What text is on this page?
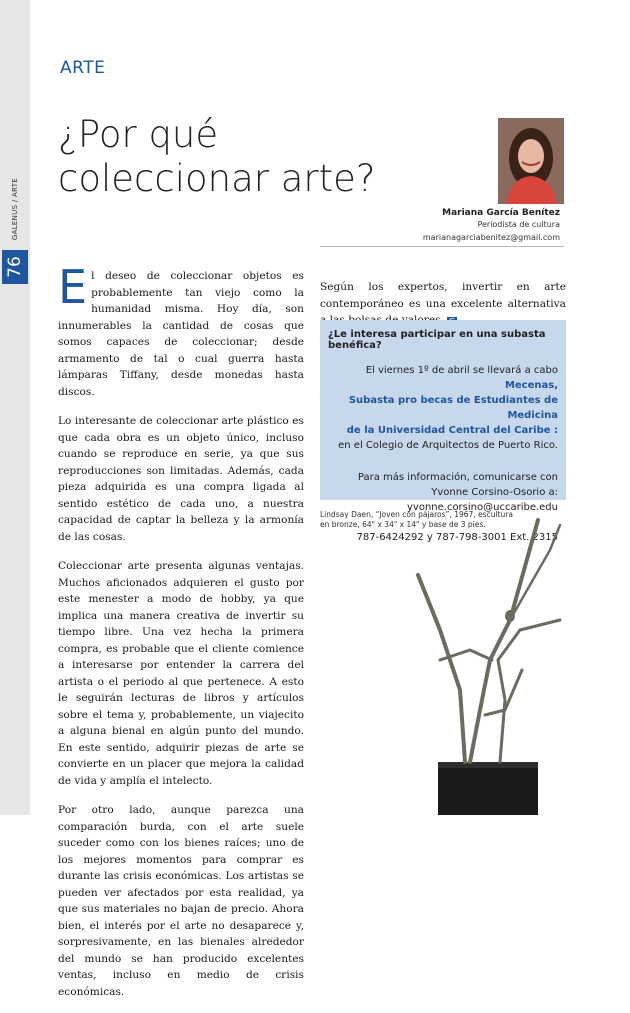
GALENUS / ARTE
76
ARTE
¿Por qué
coleccionar arte?
Mariana García Benítez
Periodista de cultura
marianagarciabenitez@gmail.com

El deseo de coleccionar objetos es probablemente tan viejo como la humanidad misma. Hoy día, son innumerables la cantidad de cosas que somos capaces de coleccionar; desde armamento de tal o cual guerra hasta lámparas Tiffany, desde monedas hasta discos.

Lo interesante de coleccionar arte plástico es que cada obra es un objeto único, incluso cuando se reproduce en serie, ya que sus reproducciones son limitadas. Además, cada pieza adquirida es una compra ligada al sentido estético de cada uno, a nuestra capacidad de captar la belleza y la armonía de las cosas.

Coleccionar arte presenta algunas ventajas. Muchos aficionados adquieren el gusto por este menester a modo de hobby, ya que implica una manera creativa de invertir su tiempo libre. Una vez hecha la primera compra, es probable que el cliente comience a interesarse por entender la carrera del artista o el periodo al que pertenece. A esto le seguirán lecturas de libros y artículos sobre el tema y, probablemente, un viajecito a alguna bienal en algún punto del mundo. En este sentido, adquirir piezas de arte se convierte en un placer que mejora la calidad de vida y amplía el intelecto.

Por otro lado, aunque parezca una comparación burda, con el arte suele suceder como con los bienes raíces; uno de los mejores momentos para comprar es durante las crisis económicas. Los artistas se pueden ver afectados por esta realidad, ya que sus materiales no bajan de precio. Ahora bien, el interés por el arte no desaparece y, sorpresivamente, en las bienales alrededor del mundo se han producido excelentes ventas, incluso en medio de crisis económicas.

Según los expertos, invertir en arte contemporáneo es una excelente alternativa
¿Le interesa participar en una subasta benéfica?
El viernes 1º de abril se llevará a cabo
Mecenas,
Subasta pro becas de Estudiantes de Medicina
de la Universidad Central del Caribe :
en el Colegio de Arquitectos de Puerto Rico.
Para más información, comunicarse con
Yvonne Corsino-Osorio a:
yvonne.corsino@uccaribe.edu
787-6424292 y 787-798-3001 Ext. 2315
Lindsay Daen, “Joven con pájaros”, 1967, escultura
en bronze, 64" x 34" x 14" y base de 3 pies.
